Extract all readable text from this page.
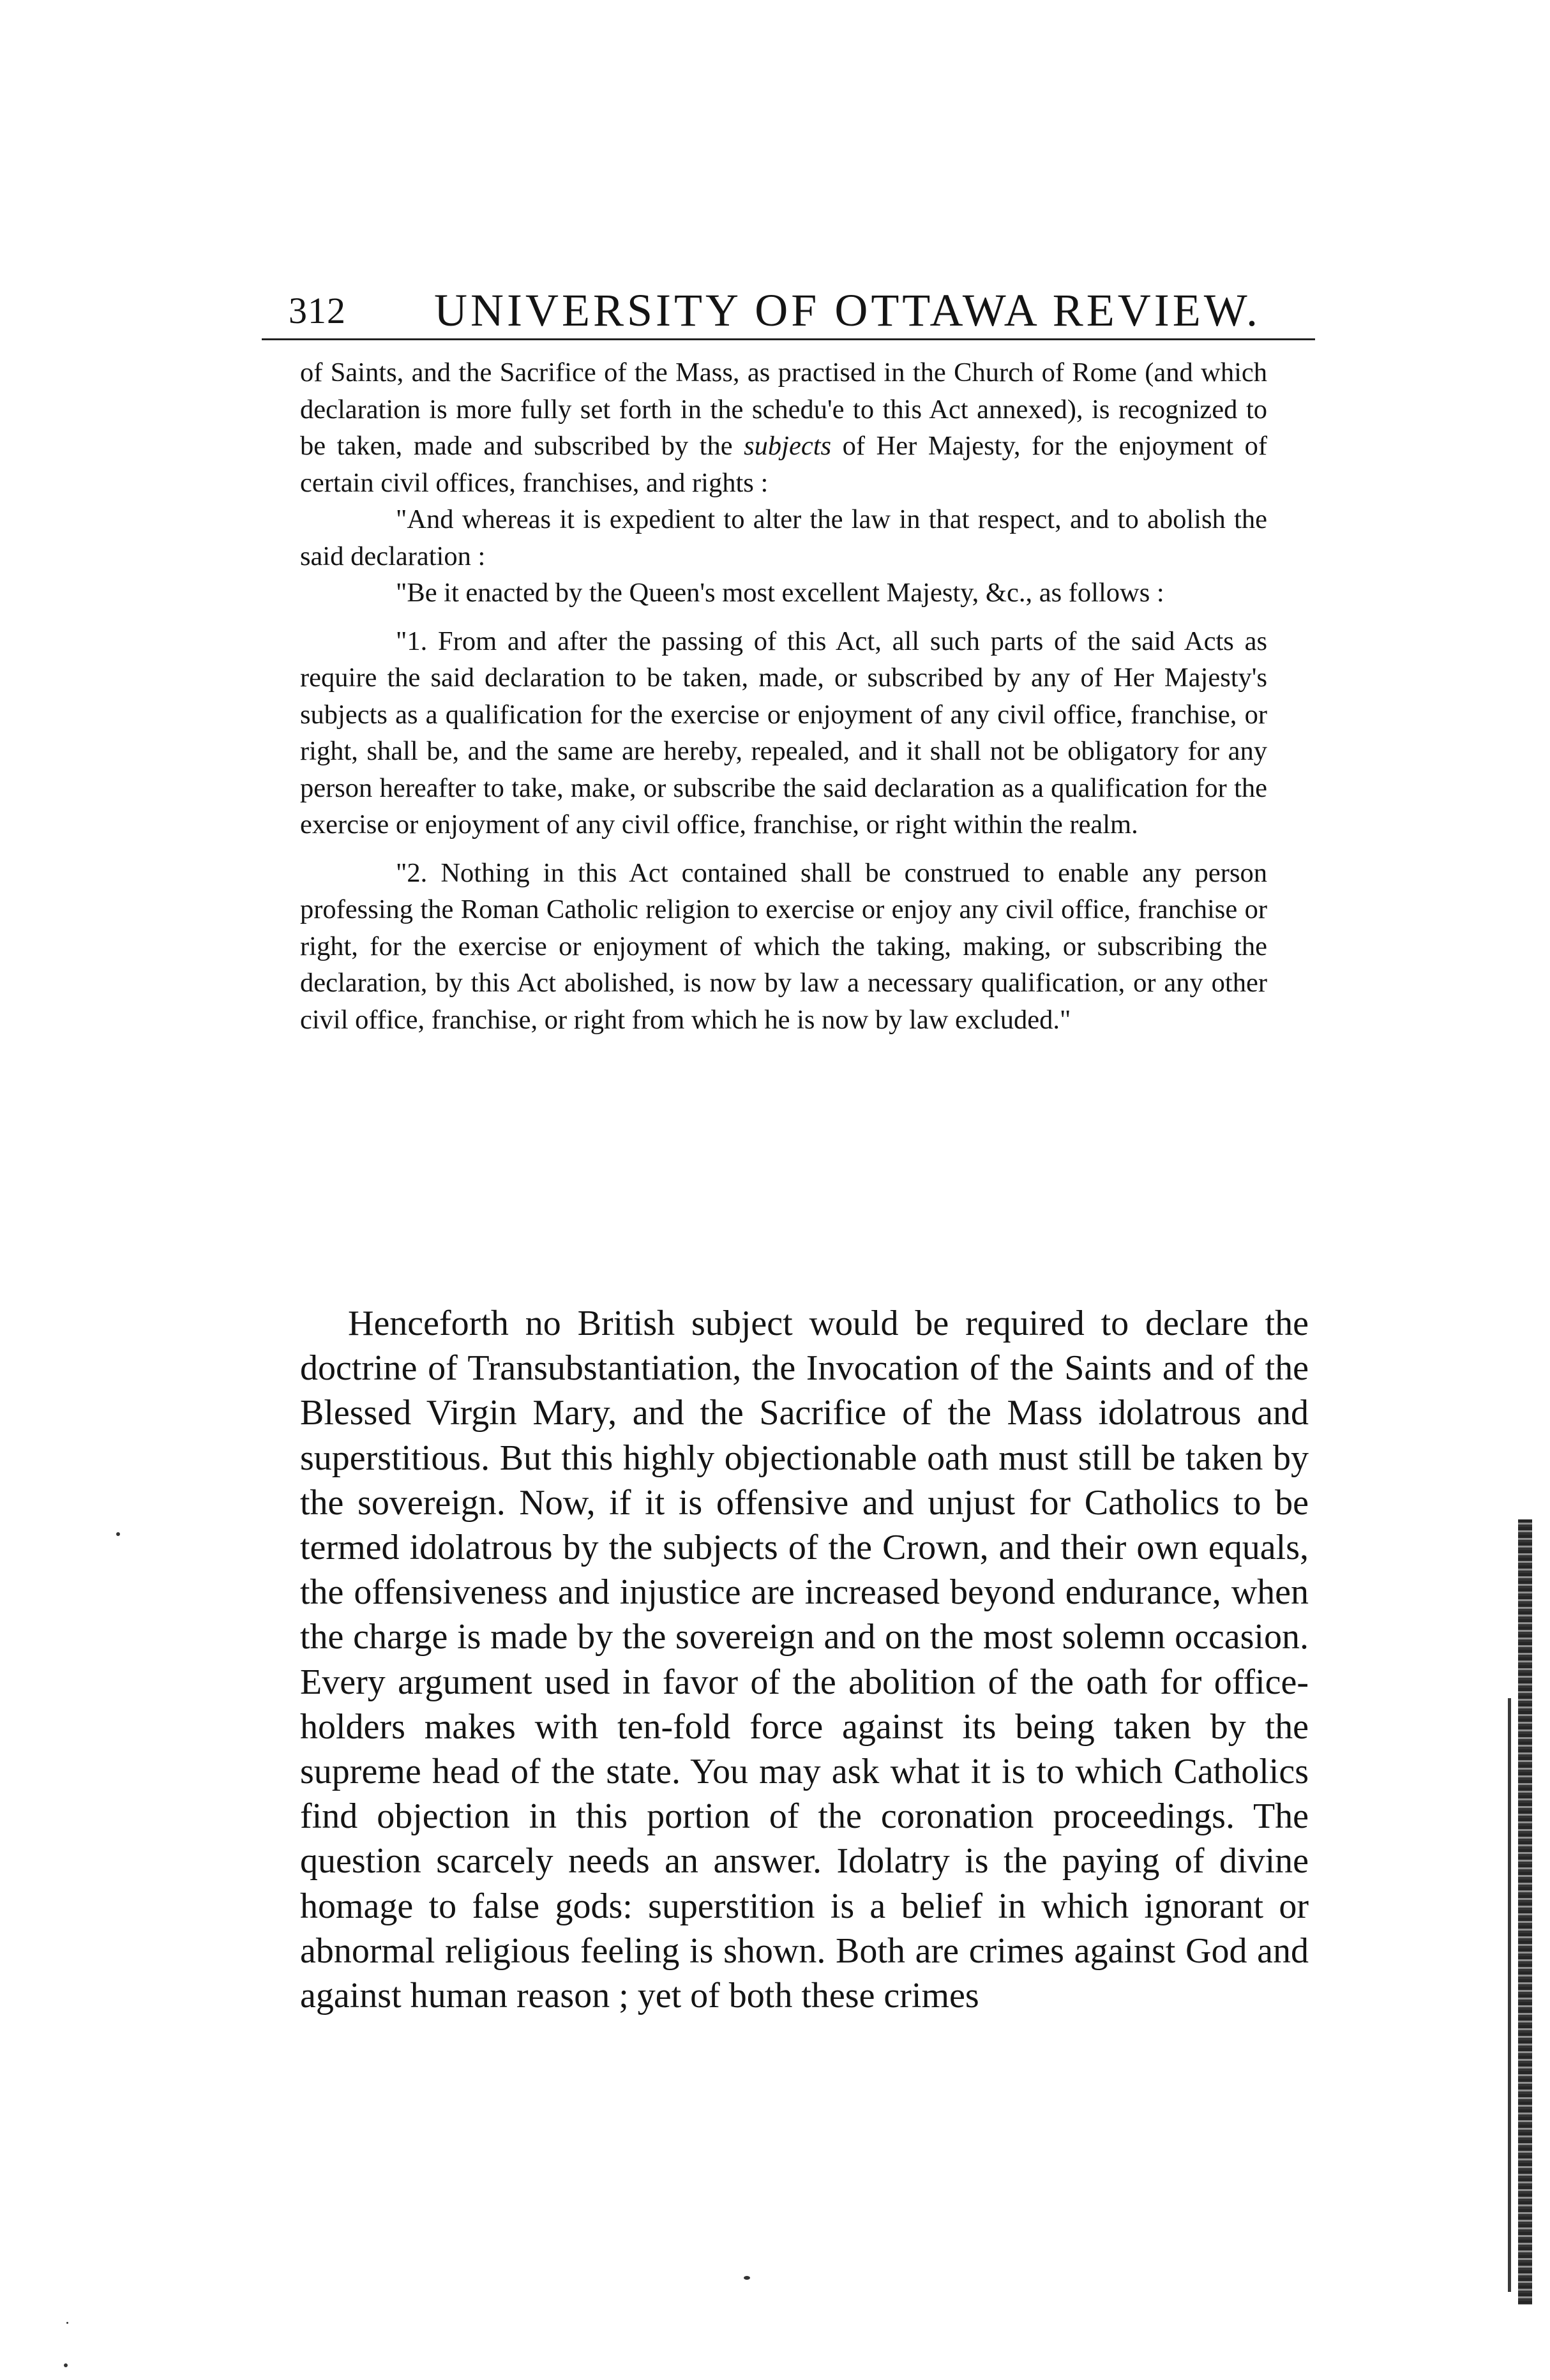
312 UNIVERSITY OF OTTAWA REVIEW.

of Saints, and the Sacrifice of the Mass, as practised in the Church of Rome (and which declaration is more fully set forth in the schedu'e to this Act annexed), is recognized to be taken, made and subscribed by the subjects of Her Majesty, for the enjoyment of certain civil offices, franchises, and rights :

"And whereas it is expedient to alter the law in that respect, and to abolish the said declaration :

"Be it enacted by the Queen's most excellent Majesty, &c., as follows :

"1. From and after the passing of this Act, all such parts of the said Acts as require the said declaration to be taken, made, or subscribed by any of Her Majesty's subjects as a qualification for the exercise or enjoyment of any civil office, franchise, or right, shall be, and the same are hereby, repealed, and it shall not be obligatory for any person hereafter to take, make, or subscribe the said declaration as a qualification for the exercise or enjoyment of any civil office, franchise, or right within the realm.

"2. Nothing in this Act contained shall be construed to enable any person professing the Roman Catholic religion to exercise or enjoy any civil office, franchise or right, for the exercise or enjoyment of which the taking, making, or subscribing the declaration, by this Act abolished, is now by law a necessary qualification, or any other civil office, franchise, or right from which he is now by law excluded."

Henceforth no British subject would be required to declare the doctrine of Transubstantiation, the Invocation of the Saints and of the Blessed Virgin Mary, and the Sacrifice of the Mass idolatrous and superstitious. But this highly objectionable oath must still be taken by the sovereign. Now, if it is offensive and unjust for Catholics to be termed idolatrous by the subjects of the Crown, and their own equals, the offensiveness and injustice are increased beyond endurance, when the charge is made by the sovereign and on the most solemn occasion. Every argument used in favor of the abolition of the oath for office-holders makes with ten-fold force against its being taken by the supreme head of the state. You may ask what it is to which Catholics find objection in this portion of the coronation proceedings. The question scarcely needs an answer. Idolatry is the paying of divine homage to false gods: superstition is a belief in which ignorant or abnormal religious feeling is shown. Both are crimes against God and against human reason ; yet of both these crimes
